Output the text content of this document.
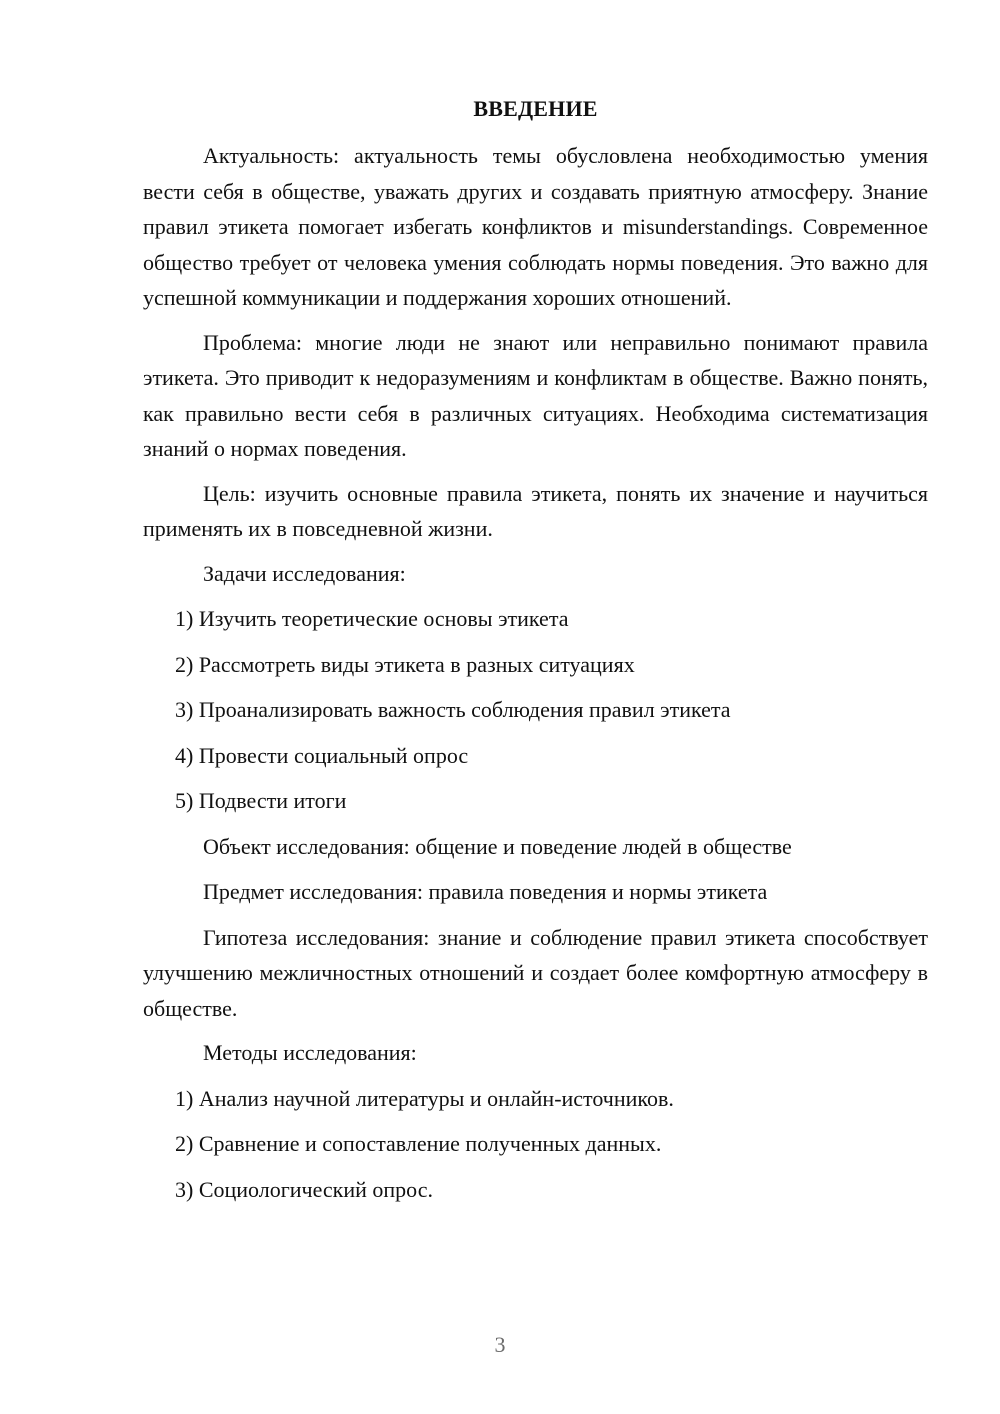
ВВЕДЕНИЕ

Актуальность: актуальность темы обусловлена необходимостью умения вести себя в обществе, уважать других и создавать приятную атмосферу. Знание правил этикета помогает избегать конфликтов и misunderstandings. Современное общество требует от человека умения соблюдать нормы поведения. Это важно для успешной коммуникации и поддержания хороших отношений.

Проблема: многие люди не знают или неправильно понимают правила этикета. Это приводит к недоразумениям и конфликтам в обществе. Важно понять, как правильно вести себя в различных ситуациях. Необходима систематизация знаний о нормах поведения.

Цель: изучить основные правила этикета, понять их значение и научиться применять их в повседневной жизни.

Задачи исследования:
1) Изучить теоретические основы этикета
2) Рассмотреть виды этикета в разных ситуациях
3) Проанализировать важность соблюдения правил этикета
4) Провести социальный опрос
5) Подвести итоги
Объект исследования: общение и поведение людей в обществе
Предмет исследования: правила поведения и нормы этикета

Гипотеза исследования: знание и соблюдение правил этикета способствует улучшению межличностных отношений и создает более комфортную атмосферу в обществе.

Методы исследования:
1) Анализ научной литературы и онлайн-источников.
2) Сравнение и сопоставление полученных данных.
3) Социологический опрос.
3
